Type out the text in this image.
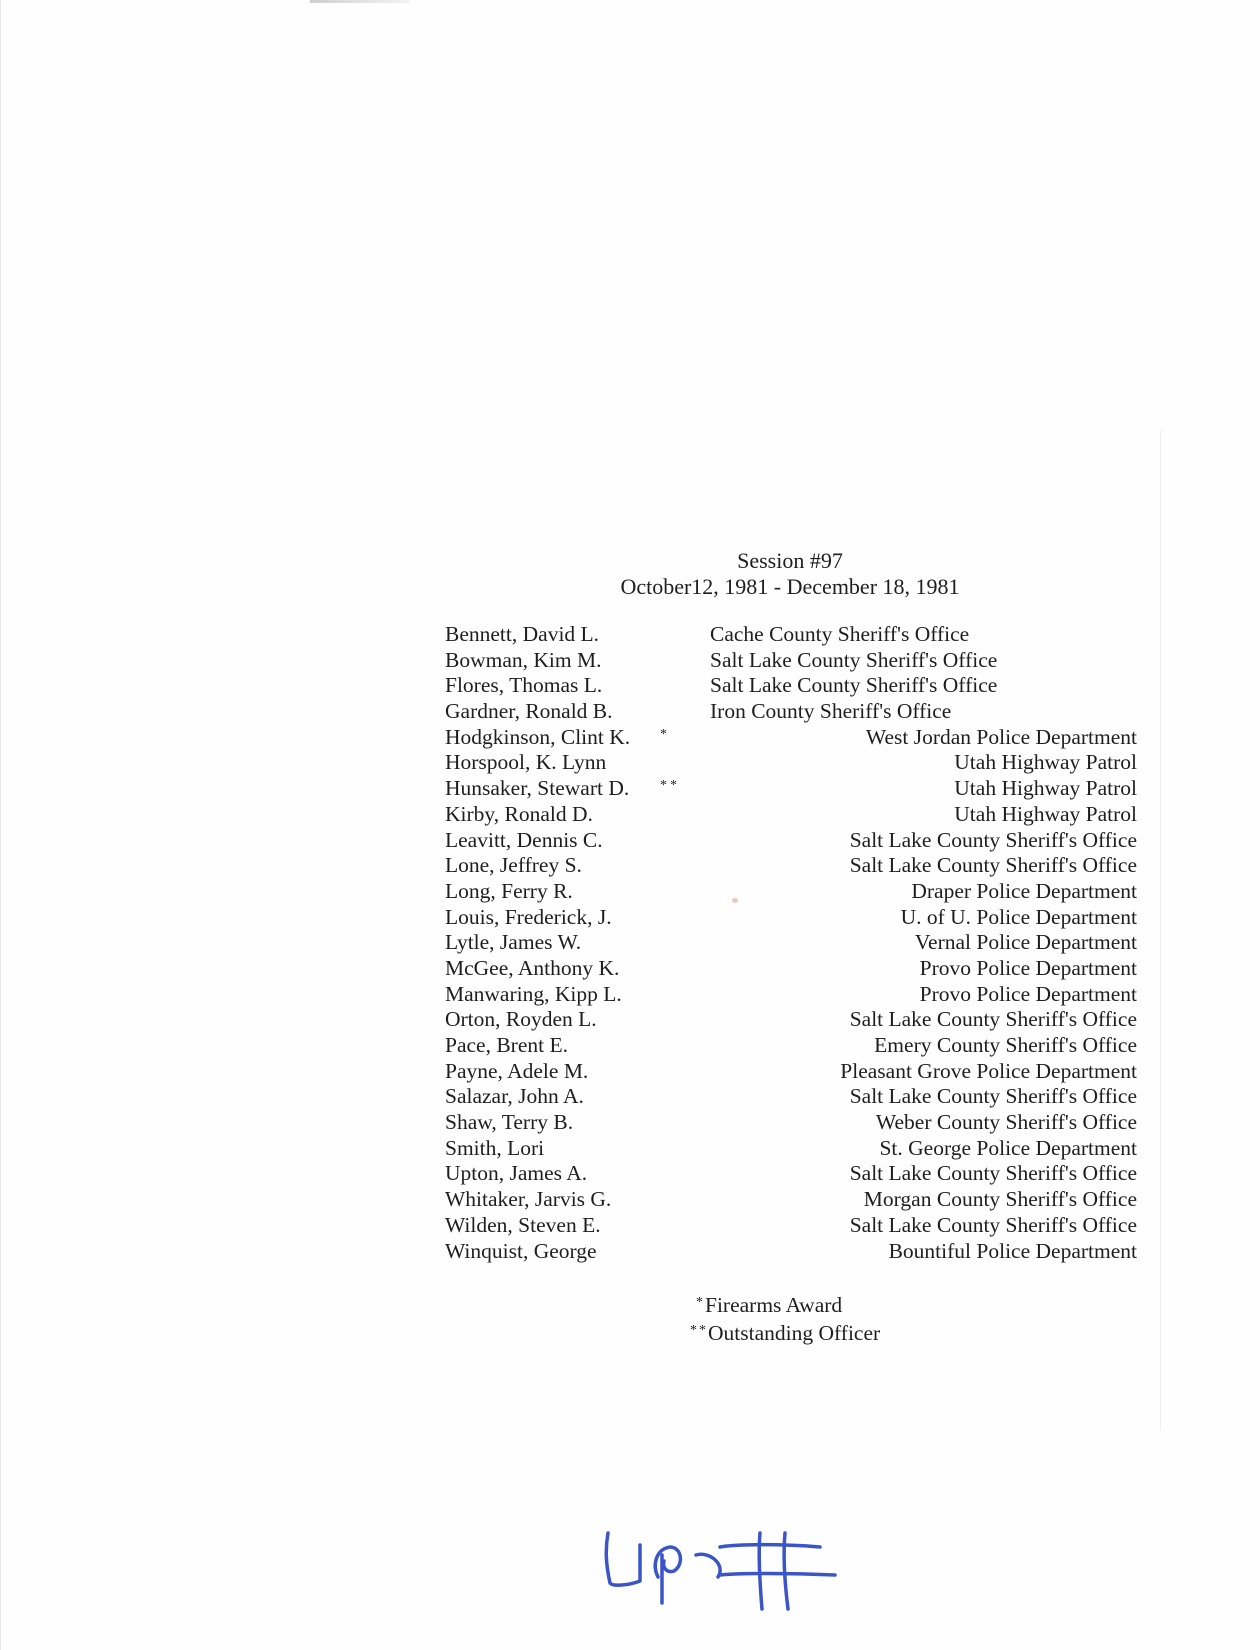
Session #97
October12, 1981 - December 18, 1981
Bennett, David L.	Cache County Sheriff's Office
Bowman, Kim M.	Salt Lake County Sheriff's Office
Flores, Thomas L.	Salt Lake County Sheriff's Office
Gardner, Ronald B.	Iron County Sheriff's Office
Hodgkinson, Clint K. *	West Jordan Police Department
Horspool, K. Lynn	Utah Highway Patrol
Hunsaker, Stewart D. **	Utah Highway Patrol
Kirby, Ronald D.	Utah Highway Patrol
Leavitt, Dennis C.	Salt Lake County Sheriff's Office
Lone, Jeffrey S.	Salt Lake County Sheriff's Office
Long, Ferry R.	Draper Police Department
Louis, Frederick, J.	U. of U. Police Department
Lytle, James W.	Vernal Police Department
McGee, Anthony K.	Provo Police Department
Manwaring, Kipp L.	Provo Police Department
Orton, Royden L.	Salt Lake County Sheriff's Office
Pace, Brent E.	Emery County Sheriff's Office
Payne, Adele M.	Pleasant Grove Police Department
Salazar, John A.	Salt Lake County Sheriff's Office
Shaw, Terry B.	Weber County Sheriff's Office
Smith, Lori	St. George Police Department
Upton, James A.	Salt Lake County Sheriff's Office
Whitaker, Jarvis G.	Morgan County Sheriff's Office
Wilden, Steven E.	Salt Lake County Sheriff's Office
Winquist, George	Bountiful Police Department
*Firearms Award
**Outstanding Officer
